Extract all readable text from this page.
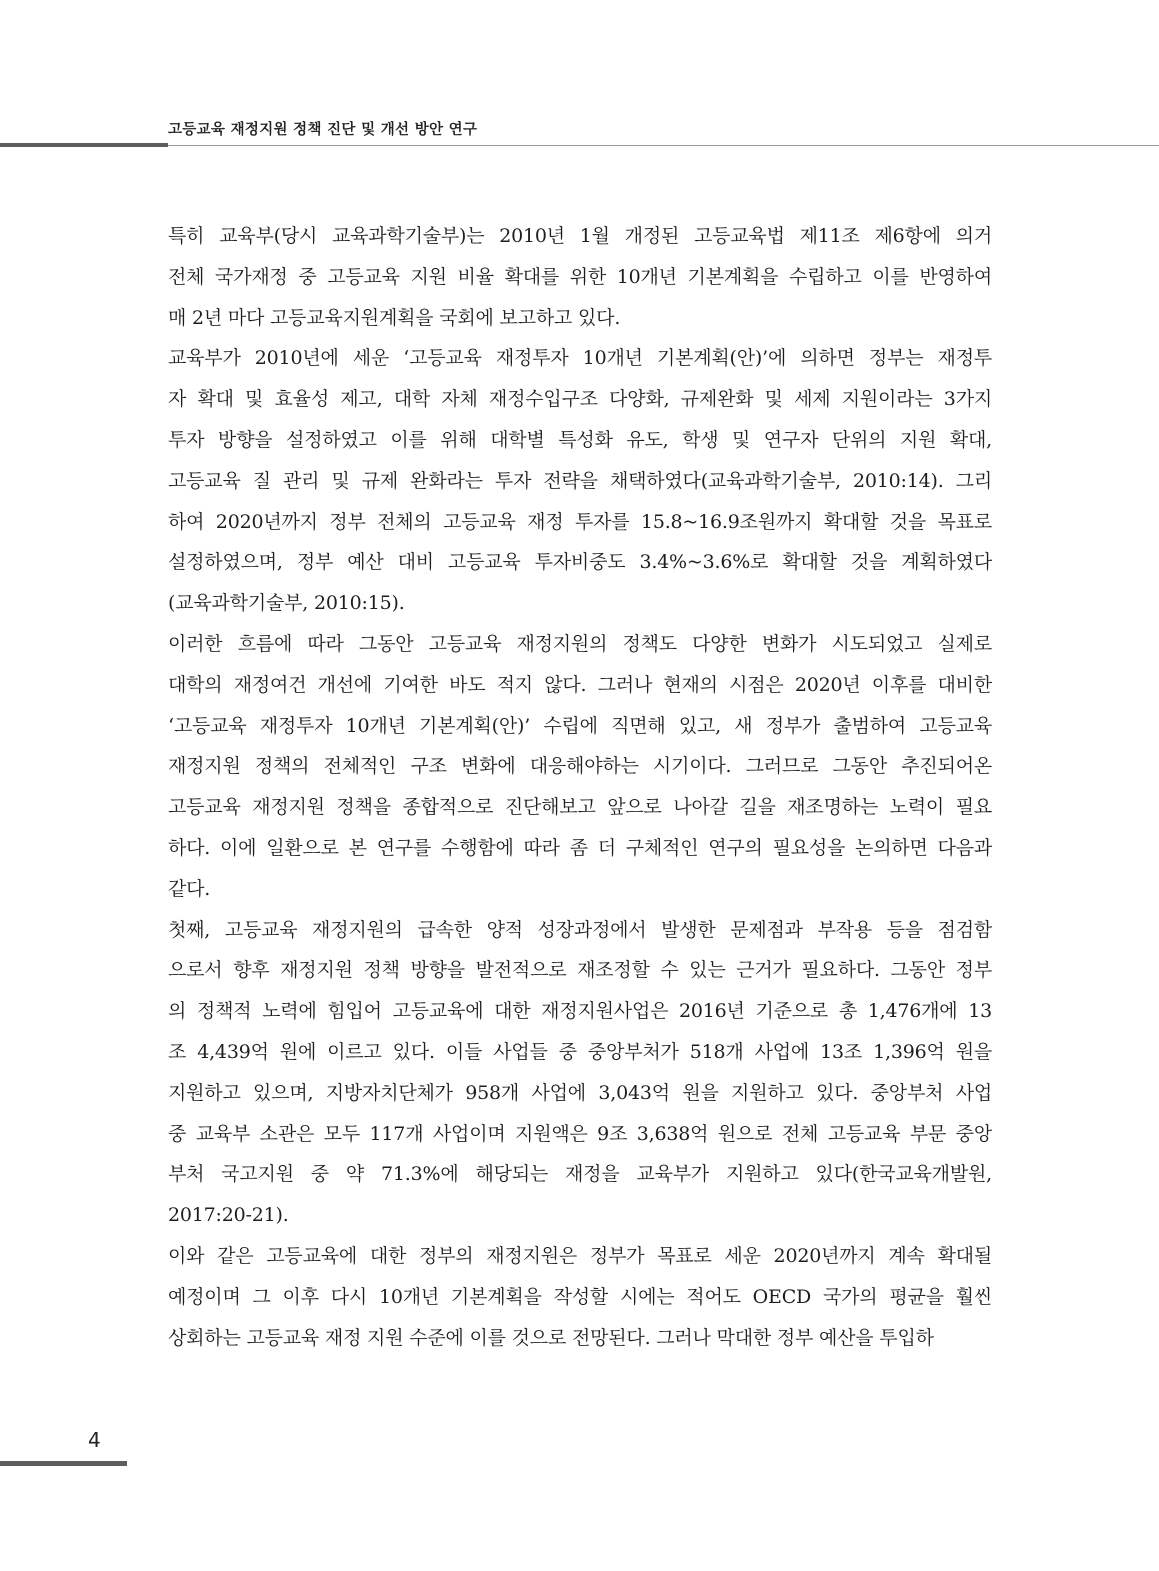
고등교육 재정지원 정책 진단 및 개선 방안 연구
특히 교육부(당시 교육과학기술부)는 2010년 1월 개정된 고등교육법 제11조 제6항에 의거
전체 국가재정 중 고등교육 지원 비율 확대를 위한 10개년 기본계획을 수립하고 이를 반영하여
매 2년 마다 고등교육지원계획을 국회에 보고하고 있다.
교육부가 2010년에 세운 ‘고등교육 재정투자 10개년 기본계획(안)’에 의하면 정부는 재정투
자 확대 및 효율성 제고, 대학 자체 재정수입구조 다양화, 규제완화 및 세제 지원이라는 3가지
투자 방향을 설정하였고 이를 위해 대학별 특성화 유도, 학생 및 연구자 단위의 지원 확대,
고등교육 질 관리 및 규제 완화라는 투자 전략을 채택하였다(교육과학기술부, 2010:14). 그리
하여 2020년까지 정부 전체의 고등교육 재정 투자를 15.8~16.9조원까지 확대할 것을 목표로
설정하였으며, 정부 예산 대비 고등교육 투자비중도 3.4%~3.6%로 확대할 것을 계획하였다
(교육과학기술부, 2010:15).
이러한 흐름에 따라 그동안 고등교육 재정지원의 정책도 다양한 변화가 시도되었고 실제로
대학의 재정여건 개선에 기여한 바도 적지 않다. 그러나 현재의 시점은 2020년 이후를 대비한
‘고등교육 재정투자 10개년 기본계획(안)’ 수립에 직면해 있고, 새 정부가 출범하여 고등교육
재정지원 정책의 전체적인 구조 변화에 대응해야하는 시기이다. 그러므로 그동안 추진되어온
고등교육 재정지원 정책을 종합적으로 진단해보고 앞으로 나아갈 길을 재조명하는 노력이 필요
하다. 이에 일환으로 본 연구를 수행함에 따라 좀 더 구체적인 연구의 필요성을 논의하면 다음과
같다.
첫째, 고등교육 재정지원의 급속한 양적 성장과정에서 발생한 문제점과 부작용 등을 점검함
으로서 향후 재정지원 정책 방향을 발전적으로 재조정할 수 있는 근거가 필요하다. 그동안 정부
의 정책적 노력에 힘입어 고등교육에 대한 재정지원사업은 2016년 기준으로 총 1,476개에 13
조 4,439억 원에 이르고 있다. 이들 사업들 중 중앙부처가 518개 사업에 13조 1,396억 원을
지원하고 있으며, 지방자치단체가 958개 사업에 3,043억 원을 지원하고 있다. 중앙부처 사업
중 교육부 소관은 모두 117개 사업이며 지원액은 9조 3,638억 원으로 전체 고등교육 부문 중앙
부처 국고지원 중 약 71.3%에 해당되는 재정을 교육부가 지원하고 있다(한국교육개발원,
2017:20-21).
이와 같은 고등교육에 대한 정부의 재정지원은 정부가 목표로 세운 2020년까지 계속 확대될
예정이며 그 이후 다시 10개년 기본계획을 작성할 시에는 적어도 OECD 국가의 평균을 훨씬
상회하는 고등교육 재정 지원 수준에 이를 것으로 전망된다. 그러나 막대한 정부 예산을 투입하
4
